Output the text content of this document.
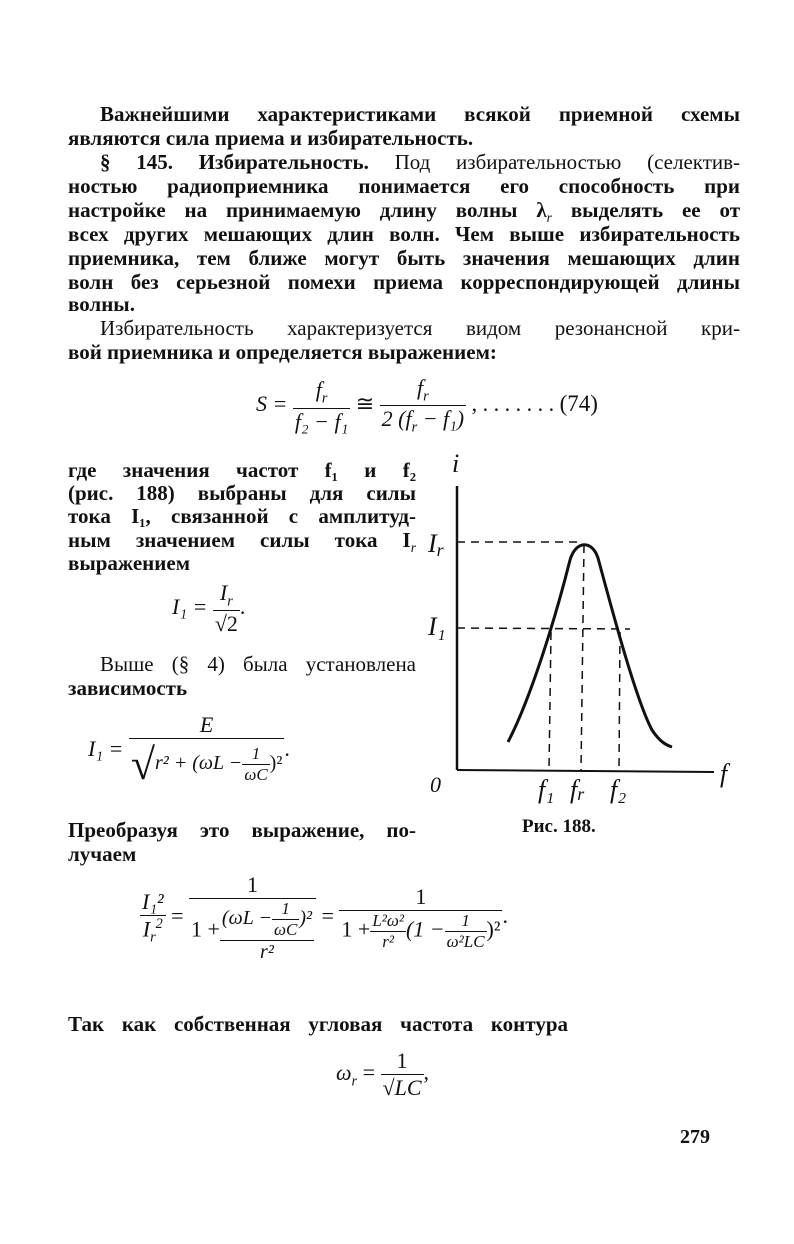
Важнейшими характеристиками всякой приемной схемы
являются сила приема и избирательность.
§ 145. Избирательность. Под избирательностью (селектив-
ностью радиоприемника понимается его способность при
настройке на принимаемую длину волны $\lambda_r$ выделять ее от
всех других мешающих длин волн. Чем выше избирательность
приемника, тем ближе могут быть значения мешающих длин
волн без серьезной помехи приема корреспондирующей длины
волны.
Избирательность характеризуется видом резонансной кри-
вой приемника и определяется выражением:
$S = \frac{f_r}{\text{f₂ − f₁}}$ ≅ $\frac{f_r}{2 (f_r - f_1)}$ , . . . . . . . (74)
где значения частот f₁ и f₂
(рис. 188) выбраны для силы
тока I₁, связанной с амплитуд-
ным значением силы тока $I_r$
выражением
$I_1 = \frac{I_r}{√2}$ .
Выше (§ 4) была установлена
зависимость
$I_1 = \frac{E}{√r^2 + (\omega L - \frac{1}{\omega C} )^2}$ .
i
Ir
I₁
0	f₁ fr f₂
f
Рис. 188.
Преобразуя это выражение, по-
лучаем
$\frac{\text{I₁²}}{I_r^2} = \frac{1}{1 + \frac{(\omega L - \frac{1}{\omega C} )^2}{\text{r²}}} = \frac{1}{1 + \frac{\text{L²ω²}}{\text{r²}} (1 - \frac{1}{\text{ω²LC}} )^2}$ .
Так как собственная угловая частота контура
$\omega_r = \frac{1}{√LC}$ ,
279
